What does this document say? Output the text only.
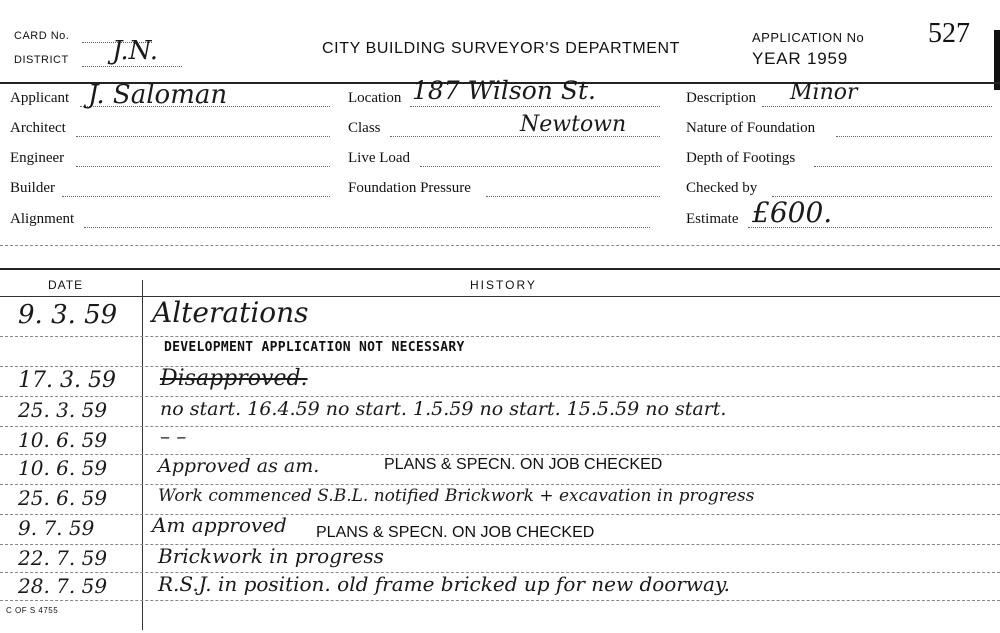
CARD No.
DISTRICT J.N.	CITY BUILDING SURVEYOR'S DEPARTMENT
APPLICATION No
YEAR 1959
527
Applicant J. Saloman
Architect
Engineer
Builder
Alignment
Location 187 Wilson St.
Class	Newtown
Live Load
Foundation Pressure
Description Minor
Nature of Foundation
Depth of Footings
Checked by
Estimate £600.
DATE	HISTORY
9. 3. 59 Alterations
DEVELOPMENT APPLICATION NOT NECESSARY
17. 3. 59 Disapproved.
25. 3. 59	no start. 16.4.59 no start. 1.5.59 no start. 15.5.59 no start.
10. 6. 59	– –
10. 6. 59	Approved as am.	PLANS & SPECN. ON JOB CHECKED
25. 6. 59	Work commenced S.B.L. notified Brickwork + excavation in progress
9. 7. 59	Am approved PLANS & SPECN. ON JOB CHECKED
22. 7. 59	Brickwork in progress
28. 7. 59	R.S.J. in position. old frame bricked up for new doorway.
C OF S 4755
